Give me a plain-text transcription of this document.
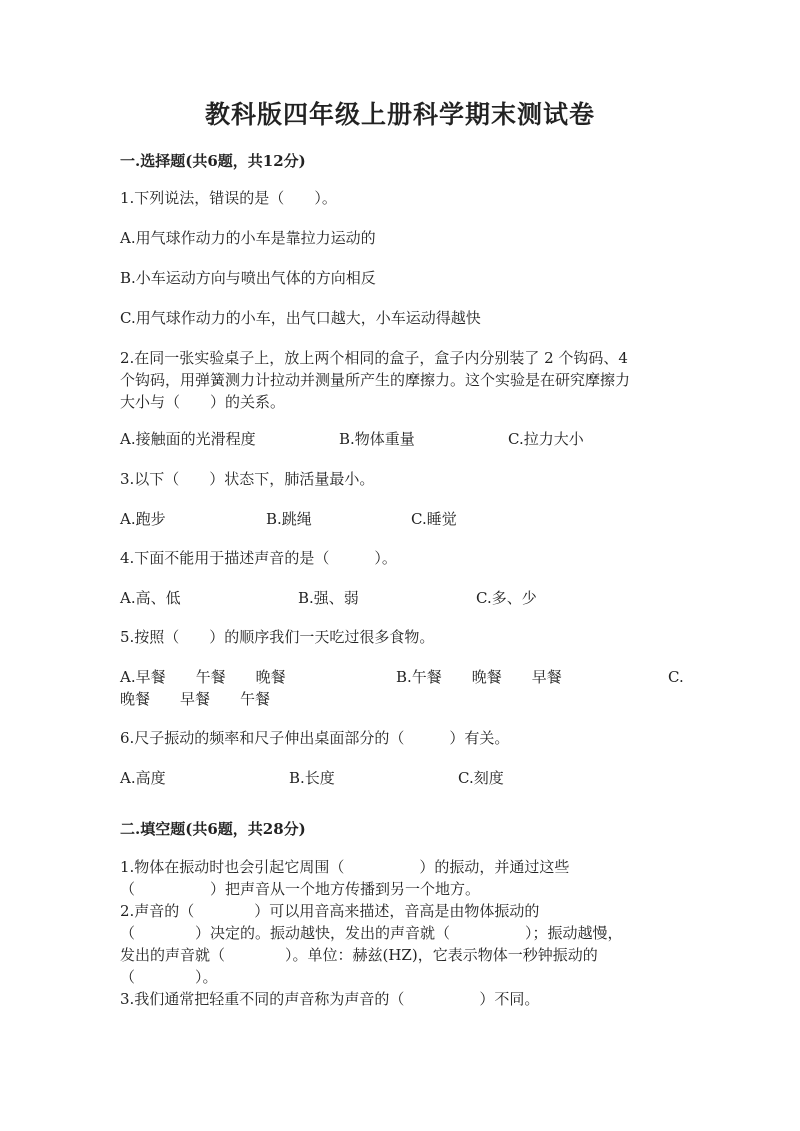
教科版四年级上册科学期末测试卷
一.选择题(共6题，共12分)
1.下列说法，错误的是（　　）。
A.用气球作动力的小车是靠拉力运动的
B.小车运动方向与喷出气体的方向相反
C.用气球作动力的小车，出气口越大，小车运动得越快
2.在同一张实验桌子上，放上两个相同的盒子，盒子内分别装了 2 个钩码、4
个钩码，用弹簧测力计拉动并测量所产生的摩擦力。这个实验是在研究摩擦力
大小与（　　）的关系。
A.接触面的光滑程度	B.物体重量	C.拉力大小
3.以下（　　）状态下，肺活量最小。
A.跑步	B.跳绳	C.睡觉
4.下面不能用于描述声音的是（　　　）。
A.高、低	B.强、弱	C.多、少
5.按照（　　）的顺序我们一天吃过很多食物。
A.早餐　　午餐　　晚餐	B.午餐　　晚餐　　早餐	C.
晚餐　　早餐　　午餐
6.尺子振动的频率和尺子伸出桌面部分的（　　　）有关。
A.高度	B.长度	C.刻度
二.填空题(共6题，共28分)
1.物体在振动时也会引起它周围（　　　　　）的振动，并通过这些
（　　　　　）把声音从一个地方传播到另一个地方。
2.声音的（　　　　）可以用音高来描述，音高是由物体振动的
（　　　　）决定的。振动越快，发出的声音就（　　　　　）；振动越慢，
发出的声音就（　　　　）。单位：赫兹(HZ)，它表示物体一秒钟振动的
（　　　　）。
3.我们通常把轻重不同的声音称为声音的（　　　　　）不同。
